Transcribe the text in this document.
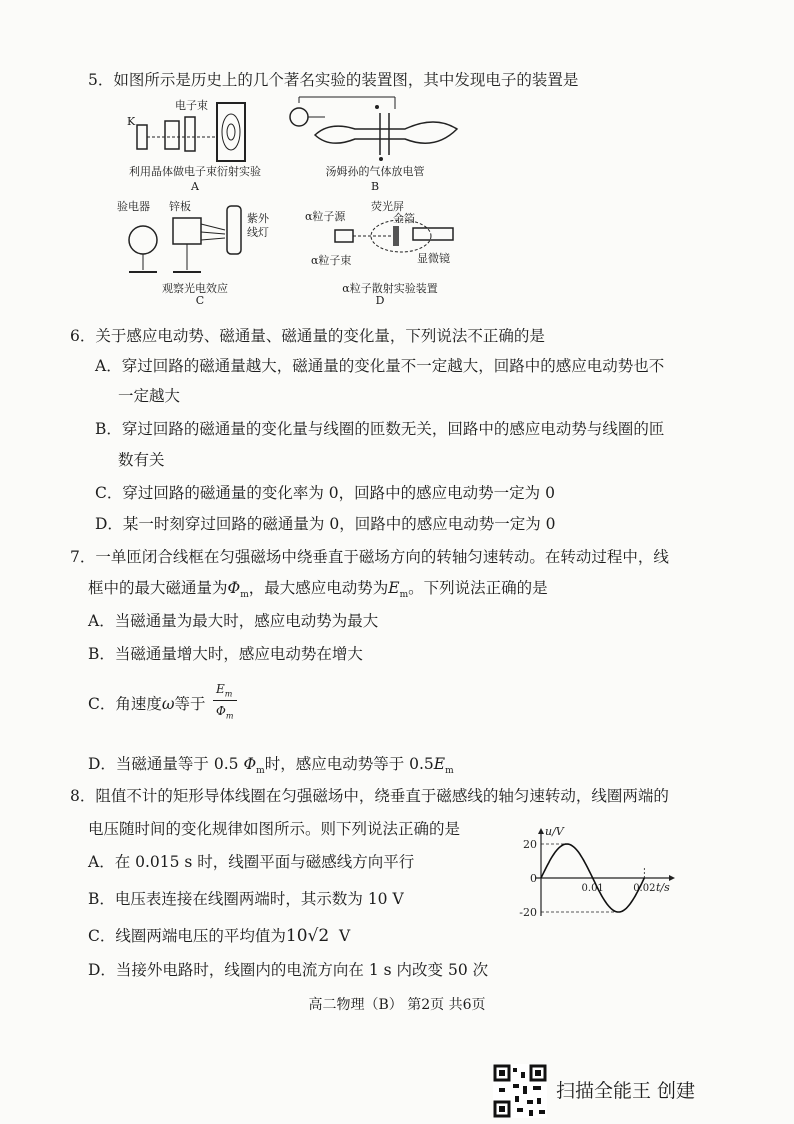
5．如图所示是历史上的几个著名实验的装置图，其中发现电子的装置是
电子束
K
利用晶体做电子束衍射实验
A
汤姆孙的气体放电管
B
验电器 锌板
紫外线灯
观察光电效应
C
α粒子源
荧光屏
金箔
显微镜
α粒子束
α粒子散射实验装置
D
6．关于感应电动势、磁通量、磁通量的变化量，下列说法不正确的是
A．穿过回路的磁通量越大，磁通量的变化量不一定越大，回路中的感应电动势也不
一定越大
B．穿过回路的磁通量的变化量与线圈的匝数无关，回路中的感应电动势与线圈的匝
数有关
C．穿过回路的磁通量的变化率为 0，回路中的感应电动势一定为 0
D．某一时刻穿过回路的磁通量为 0，回路中的感应电动势一定为 0
7．一单匝闭合线框在匀强磁场中绕垂直于磁场方向的转轴匀速转动。在转动过程中，线
框中的最大磁通量为$\Phi_m$，最大感应电动势为$E_m$。下列说法正确的是
A．当磁通量为最大时，感应电动势为最大
B．当磁通量增大时，感应电动势在增大
C．角速度ω等于
$E_m$
$\Phi_m$
D．当磁通量等于 0.5 $\Phi_m$时，感应电动势等于 $0.5E_m$
8．阻值不计的矩形导体线圈在匀强磁场中，绕垂直于磁感线的轴匀速转动，线圈两端的
电压随时间的变化规律如图所示。则下列说法正确的是
A．在 0.015 s 时，线圈平面与磁感线方向平行
B．电压表连接在线圈两端时，其示数为 10 V
C．线圈两端电压的平均值为10√2 V
D．当接外电路时，线圈内的电流方向在 1 s 内改变 50 次
u/V
t/s
20
0
-20
0.01	0.02
高二物理（B） 第2页 共6页
扫描全能王 创建
